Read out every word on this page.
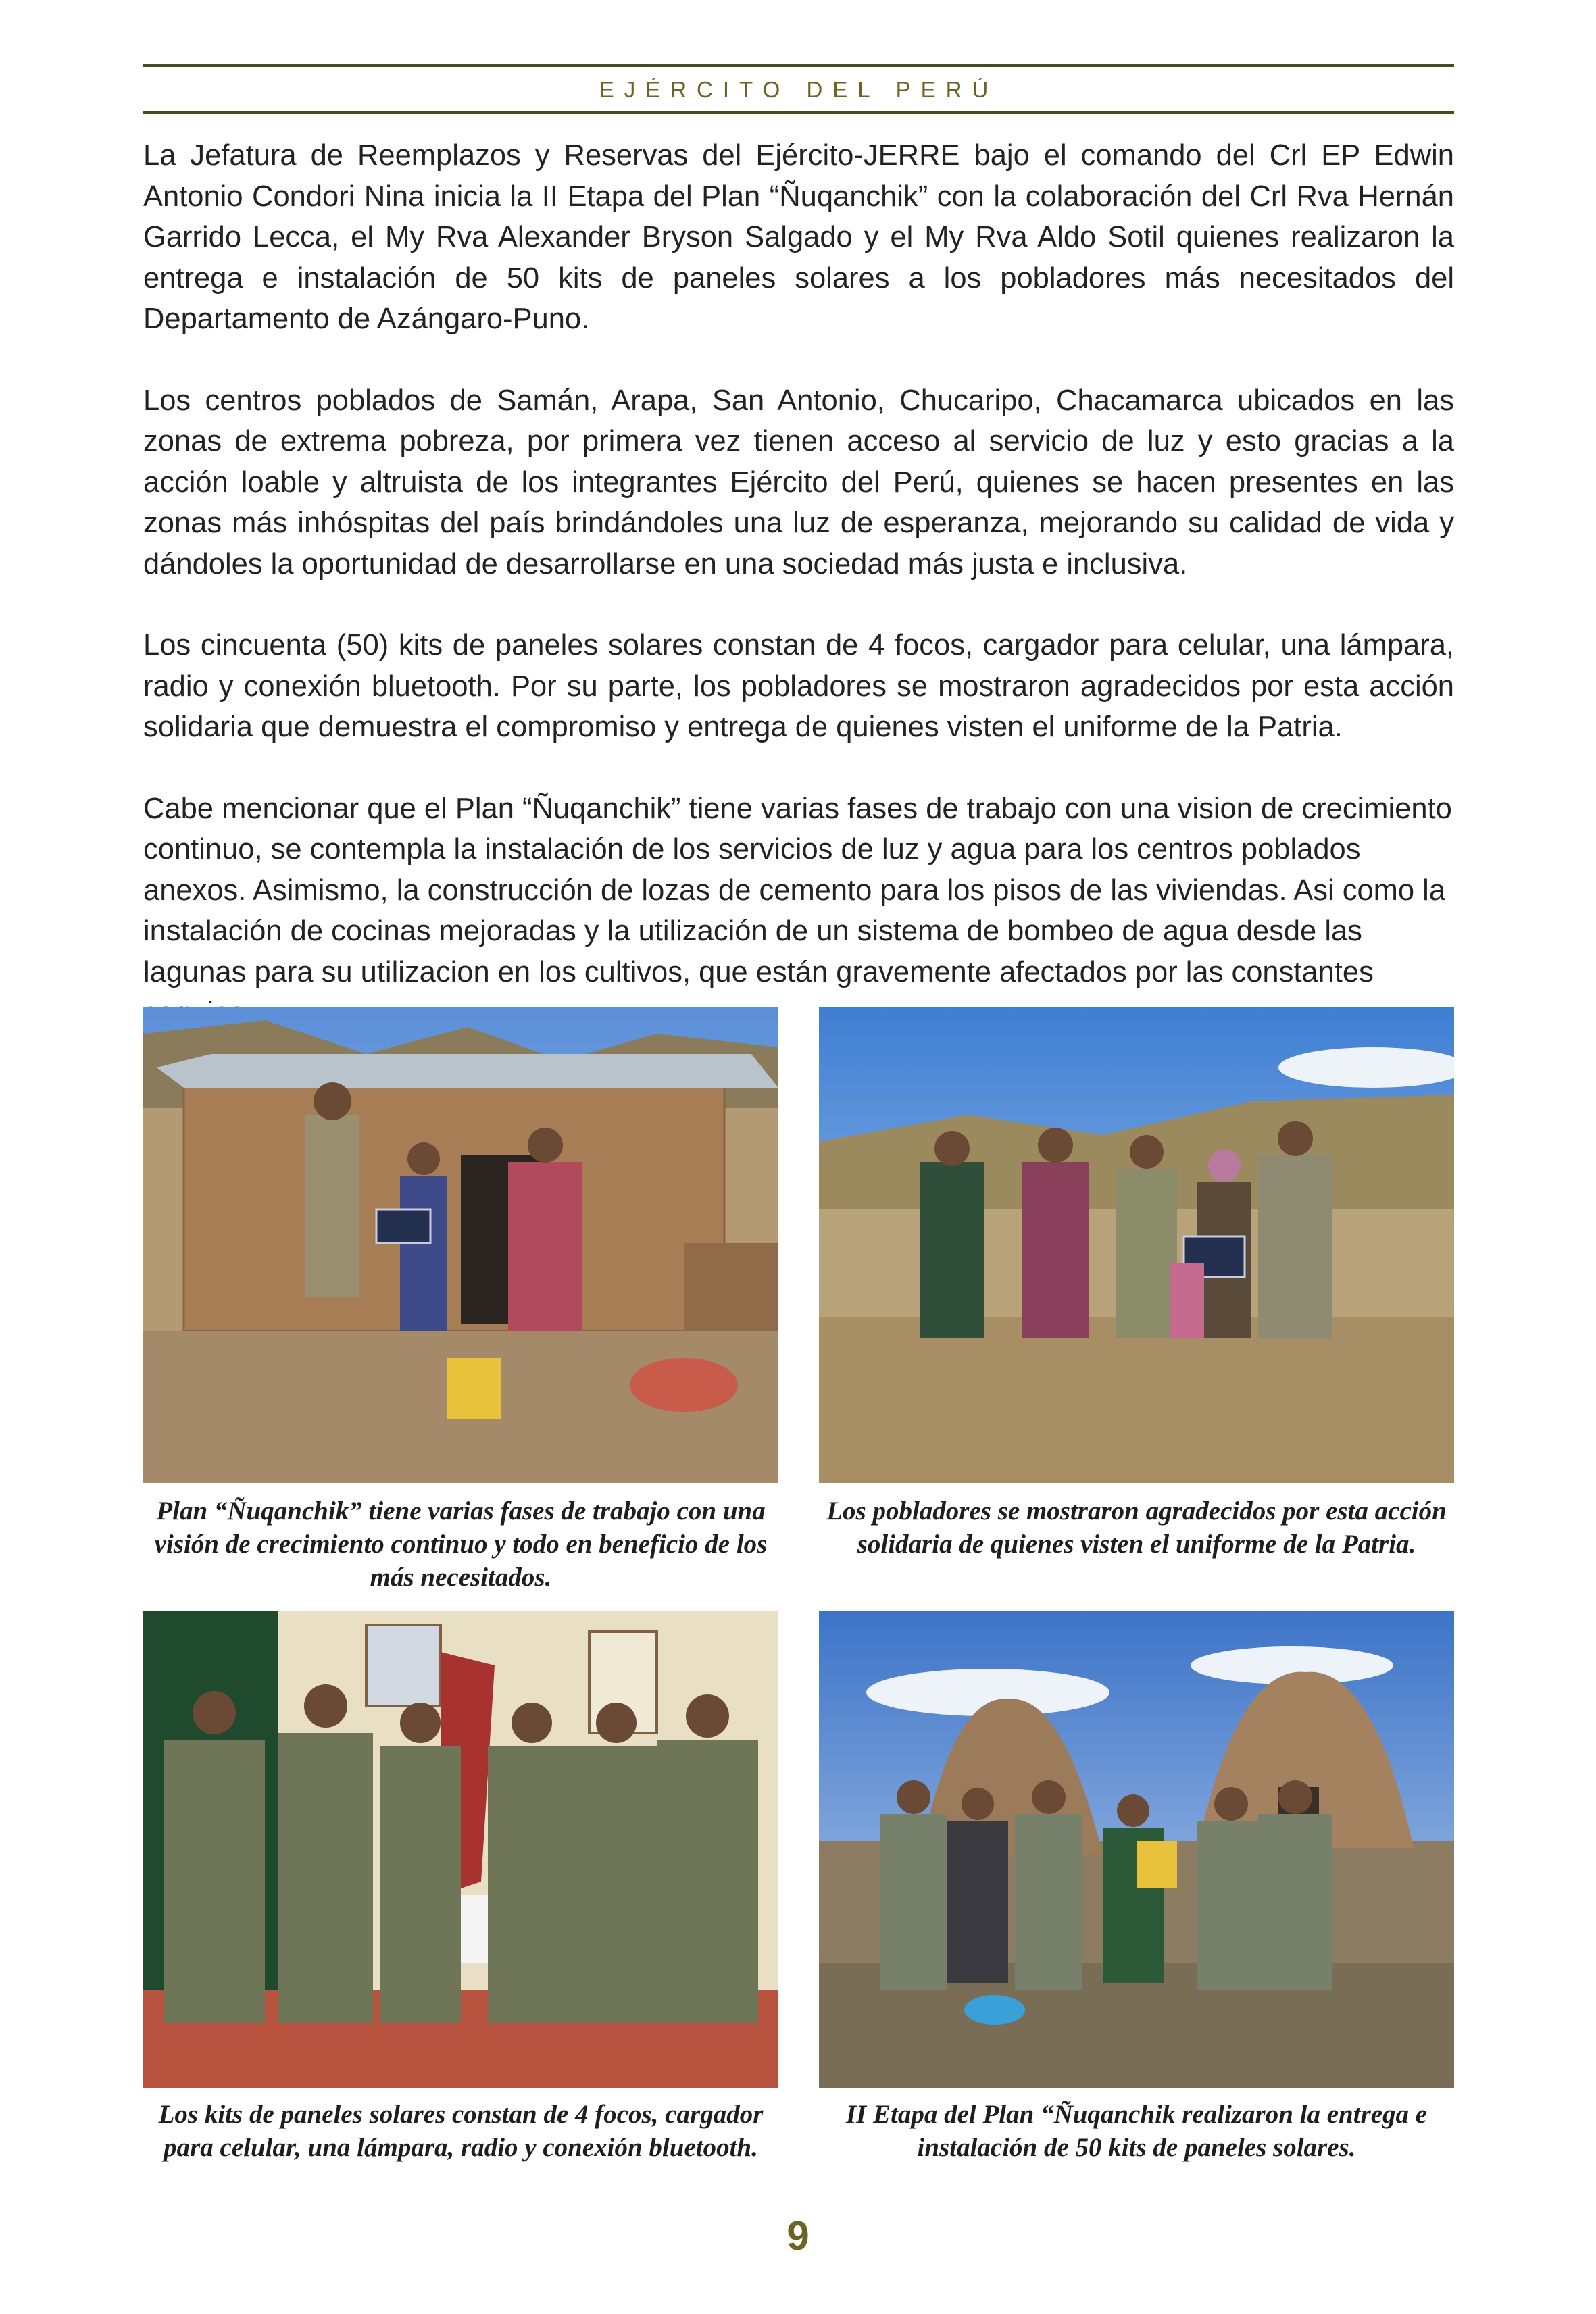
EJÉRCITO DEL PERÚ

La Jefatura de Reemplazos y Reservas del Ejército-JERRE bajo el comando del Crl EP Edwin Antonio Condori Nina inicia la II Etapa del Plan “Ñuqanchik” con la colaboración del Crl Rva Hernán Garrido Lecca, el My Rva Alexander Bryson Salgado y el My Rva Aldo Sotil quienes realizaron la entrega e instalación de 50 kits de paneles solares a los pobladores más necesitados del Departamento de Azángaro-Puno.

Los centros poblados de Samán, Arapa, San Antonio, Chucaripo, Chacamarca ubicados en las zonas de extrema pobreza, por primera vez tienen acceso al servicio de luz y esto gracias a la acción loable y altruista de los integrantes Ejército del Perú, quienes se hacen presentes en las zonas más inhóspitas del país brindándoles una luz de esperanza, mejorando su calidad de vida y dándoles la oportunidad de desarrollarse en una sociedad más justa e inclusiva.

Los cincuenta (50) kits de paneles solares constan de 4 focos, cargador para celular, una lámpara, radio y conexión bluetooth. Por su parte, los pobladores se mostraron agradecidos por esta acción solidaria que demuestra el compromiso y entrega de quienes visten el uniforme de la Patria.

Cabe mencionar que el Plan “Ñuqanchik” tiene varias fases de trabajo con una vision de crecimiento continuo, se contempla la instalación de los servicios de luz y agua para los centros poblados anexos. Asimismo, la construcción de lozas de cemento para los pisos de las viviendas. Asi como la instalación de cocinas mejoradas y la utilización de un sistema de bombeo de agua desde las lagunas para su utilizacion en los cultivos, que están gravemente afectados por las constantes

Plan “Ñuqanchik” tiene varias fases de trabajo con una visión de crecimiento continuo y todo en beneficio de los más necesitados.
Los pobladores se mostraron agradecidos por esta acción solidaria de quienes visten el uniforme de la Patria.
Los kits de paneles solares constan de 4 focos, cargador para celular, una lámpara, radio y conexión bluetooth.
II Etapa del Plan “Ñuqanchik realizaron la entrega e instalación de 50 kits de paneles solares.
9
